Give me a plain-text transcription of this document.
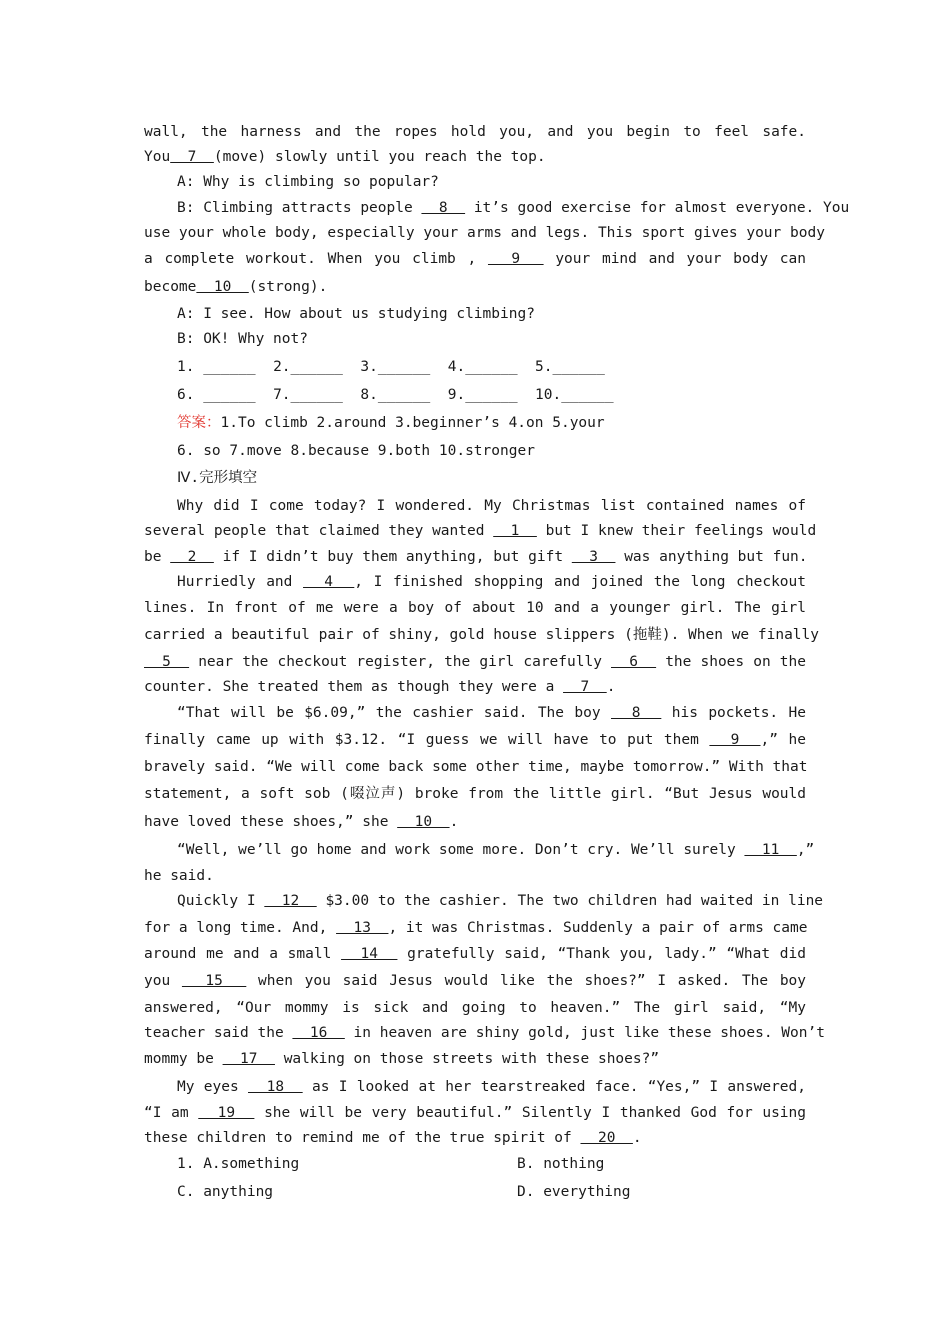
wall, the harness and the ropes hold you, and you begin to feel safe.
You  7  (move) slowly until you reach the top.
A: Why is climbing so popular?
B: Climbing attracts people   8   it’s good exercise for almost everyone. You
use your whole body, especially your arms and legs. This sport gives your body
a complete workout. When you climb ,   9   your mind and your body can
become  10  (strong).
A: I see. How about us studying climbing?
B: OK! Why not?
1. ______ 2.______ 3.______ 4.______ 5.______
6. ______ 7.______ 8.______ 9.______ 10.______
答案：1.To climb 2.around 3.beginner’s 4.on 5.your
6. so 7.move 8.because 9.both 10.stronger
Ⅳ.完形填空
Why did I come today? I wondered. My Christmas list contained names of
several people that claimed they wanted   1   but I knew their feelings would
be   2   if I didn’t buy them anything, but gift   3   was anything but fun.
Hurriedly and   4  , I finished shopping and joined the long checkout
lines. In front of me were a boy of about 10 and a younger girl. The girl
carried a beautiful pair of shiny, gold house slippers (拖鞋). When we finally
5   near the checkout register, the girl carefully   6   the shoes on the
counter. She treated them as though they were a   7  .
“That will be $6.09,” the cashier said. The boy   8   his pockets. He
finally came up with $3.12. “I guess we will have to put them   9  ,” he
bravely said. “We will come back some other time, maybe tomorrow.” With that
statement, a soft sob (啜泣声) broke from the little girl. “But Jesus would
have loved these shoes,” she   10  .
“Well, we’ll go home and work some more. Don’t cry. We’ll surely   11  ,”
he said.
Quickly I   12   $3.00 to the cashier. The two children had waited in line
for a long time. And,   13  , it was Christmas. Suddenly a pair of arms came
around me and a small   14   gratefully said, “Thank you, lady.” “What did
you   15   when you said Jesus would like the shoes?” I asked. The boy
answered, “Our mommy is sick and going to heaven.” The girl said, “My
teacher said the   16   in heaven are shiny gold, just like these shoes. Won’t
mommy be   17   walking on those streets with these shoes?”
My eyes   18   as I looked at her tearstreaked face. “Yes,” I answered,
“I am   19   she will be very beautiful.” Silently I thanked God for using
these children to remind me of the true spirit of   20  .
1. A.something	B. nothing
C. anything	D. everything
